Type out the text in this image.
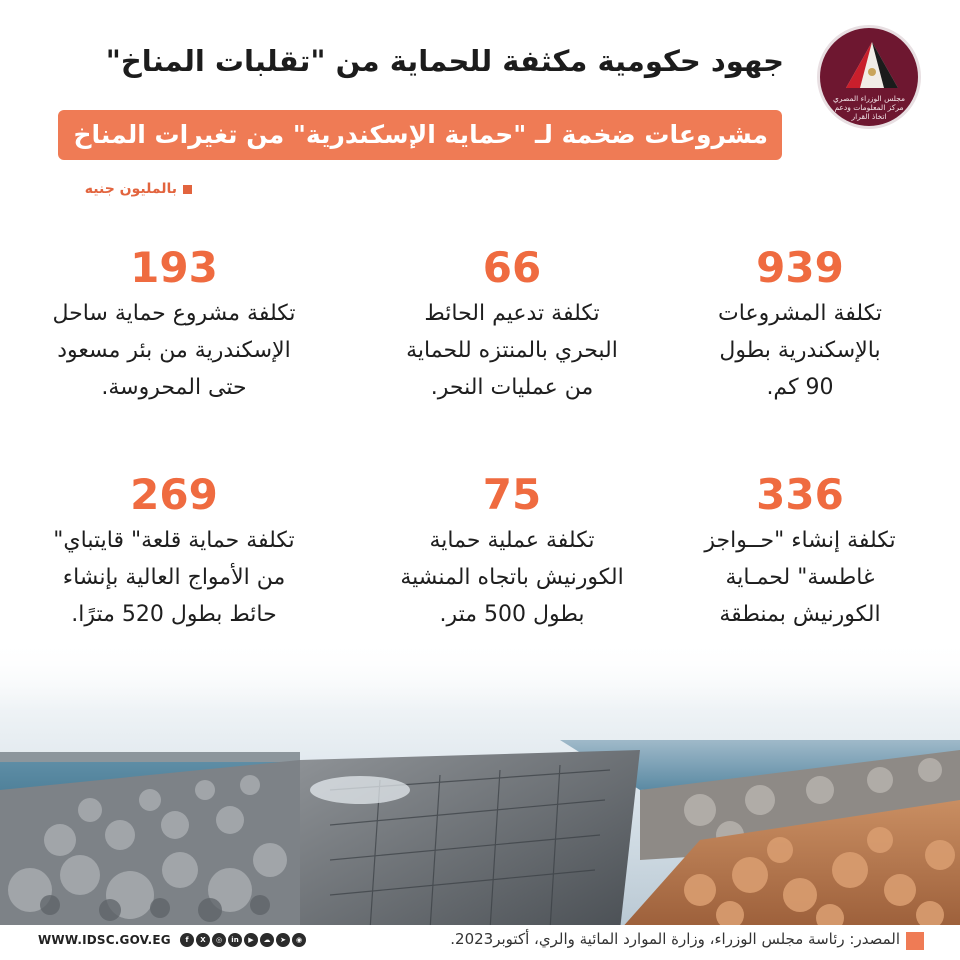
مجلس الوزراء المصري مركز المعلومات ودعم اتخاذ القرار
جهود حكومية مكثفة للحماية من "تقلبات المناخ"
مشروعات ضخمة لـ "حماية الإسكندرية" من تغيرات المناخ
بالمليون جنيه
939
تكلفة المشروعات
بالإسكندرية بطول
90 كم.
66
تكلفة تدعيم الحائط
البحري بالمنتزه للحماية
من عمليات النحر.
193
تكلفة مشروع حماية ساحل
الإسكندرية من بئر مسعود
حتى المحروسة.
336
تكلفة إنشاء "حــواجز
غاطسة" لحمـاية
الكورنيش بمنطقة
75
تكلفة عملية حماية
الكورنيش باتجاه المنشية
بطول 500 متر.
269
تكلفة حماية قلعة" قايتباي"
من الأمواج العالية بإنشاء
حائط بطول 520 مترًا.
WWW.IDSC.GOV.EG	f	X	◎	in	▶	☁	➤	◉	المصدر: رئاسة مجلس الوزراء، وزارة الموارد المائية والري، أكتوبر2023.
